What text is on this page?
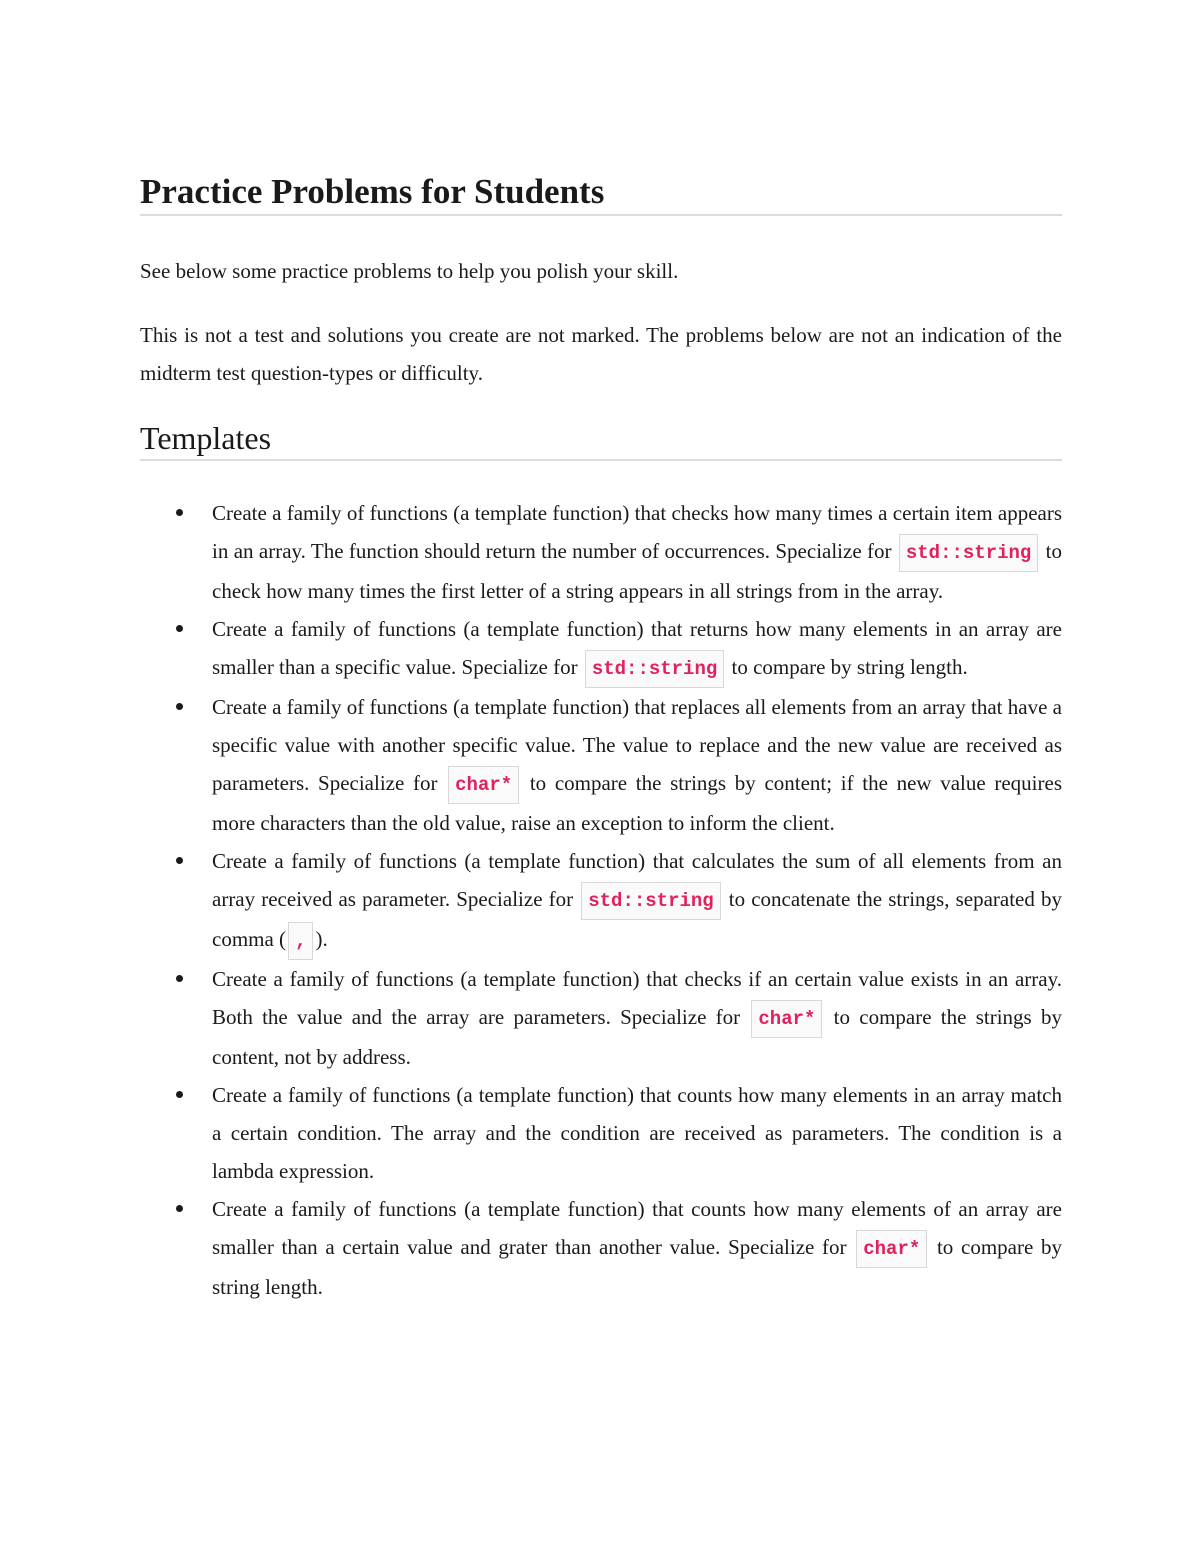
Practice Problems for Students

See below some practice problems to help you polish your skill.

This is not a test and solutions you create are not marked. The problems below are not an indication of the midterm test question-types or difficulty.

Templates
Create a family of functions (a template function) that checks how many times a certain item appears in an array. The function should return the number of occurrences. Specialize for std::string to check how many times the first letter of a string appears in all strings from in the array.
Create a family of functions (a template function) that returns how many elements in an array are smaller than a specific value. Specialize for std::string to compare by string length.
Create a family of functions (a template function) that replaces all elements from an array that have a specific value with another specific value. The value to replace and the new value are received as parameters. Specialize for char* to compare the strings by content; if the new value requires more characters than the old value, raise an exception to inform the client.
Create a family of functions (a template function) that calculates the sum of all elements from an array received as parameter. Specialize for std::string to concatenate the strings, separated by comma ( , ).
Create a family of functions (a template function) that checks if an certain value exists in an array. Both the value and the array are parameters. Specialize for char* to compare the strings by content, not by address.
Create a family of functions (a template function) that counts how many elements in an array match a certain condition. The array and the condition are received as parameters. The condition is a lambda expression.
Create a family of functions (a template function) that counts how many elements of an array are smaller than a certain value and grater than another value. Specialize for char* to compare by string length.
